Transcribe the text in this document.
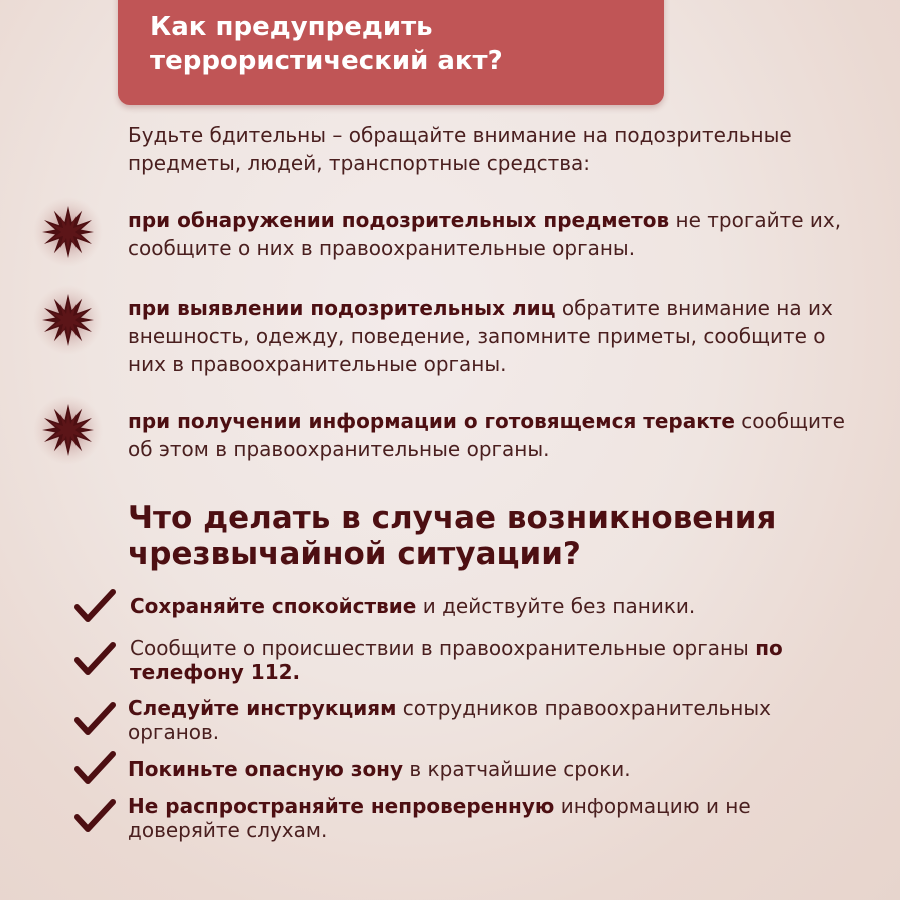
Как предупредить террористический акт?

Будьте бдительны – обращайте внимание на подозрительные предметы, людей, транспортные средства:

при обнаружении подозрительных предметов не трогайте их, сообщите о них в правоохранительные органы.

при выявлении подозрительных лиц обратите внимание на их внешность, одежду, поведение, запомните приметы, сообщите о них в правоохранительные органы.

при получении информации о готовящемся теракте сообщите об этом в правоохранительные органы.

Что делать в случае возникновения чрезвычайной ситуации?

Сохраняйте спокойствие и действуйте без паники.

Сообщите о происшествии в правоохранительные органы по телефону 112.

Следуйте инструкциям сотрудников правоохранительных органов.

Покиньте опасную зону в кратчайшие сроки.

Не распространяйте непроверенную информацию и не доверяйте слухам.
